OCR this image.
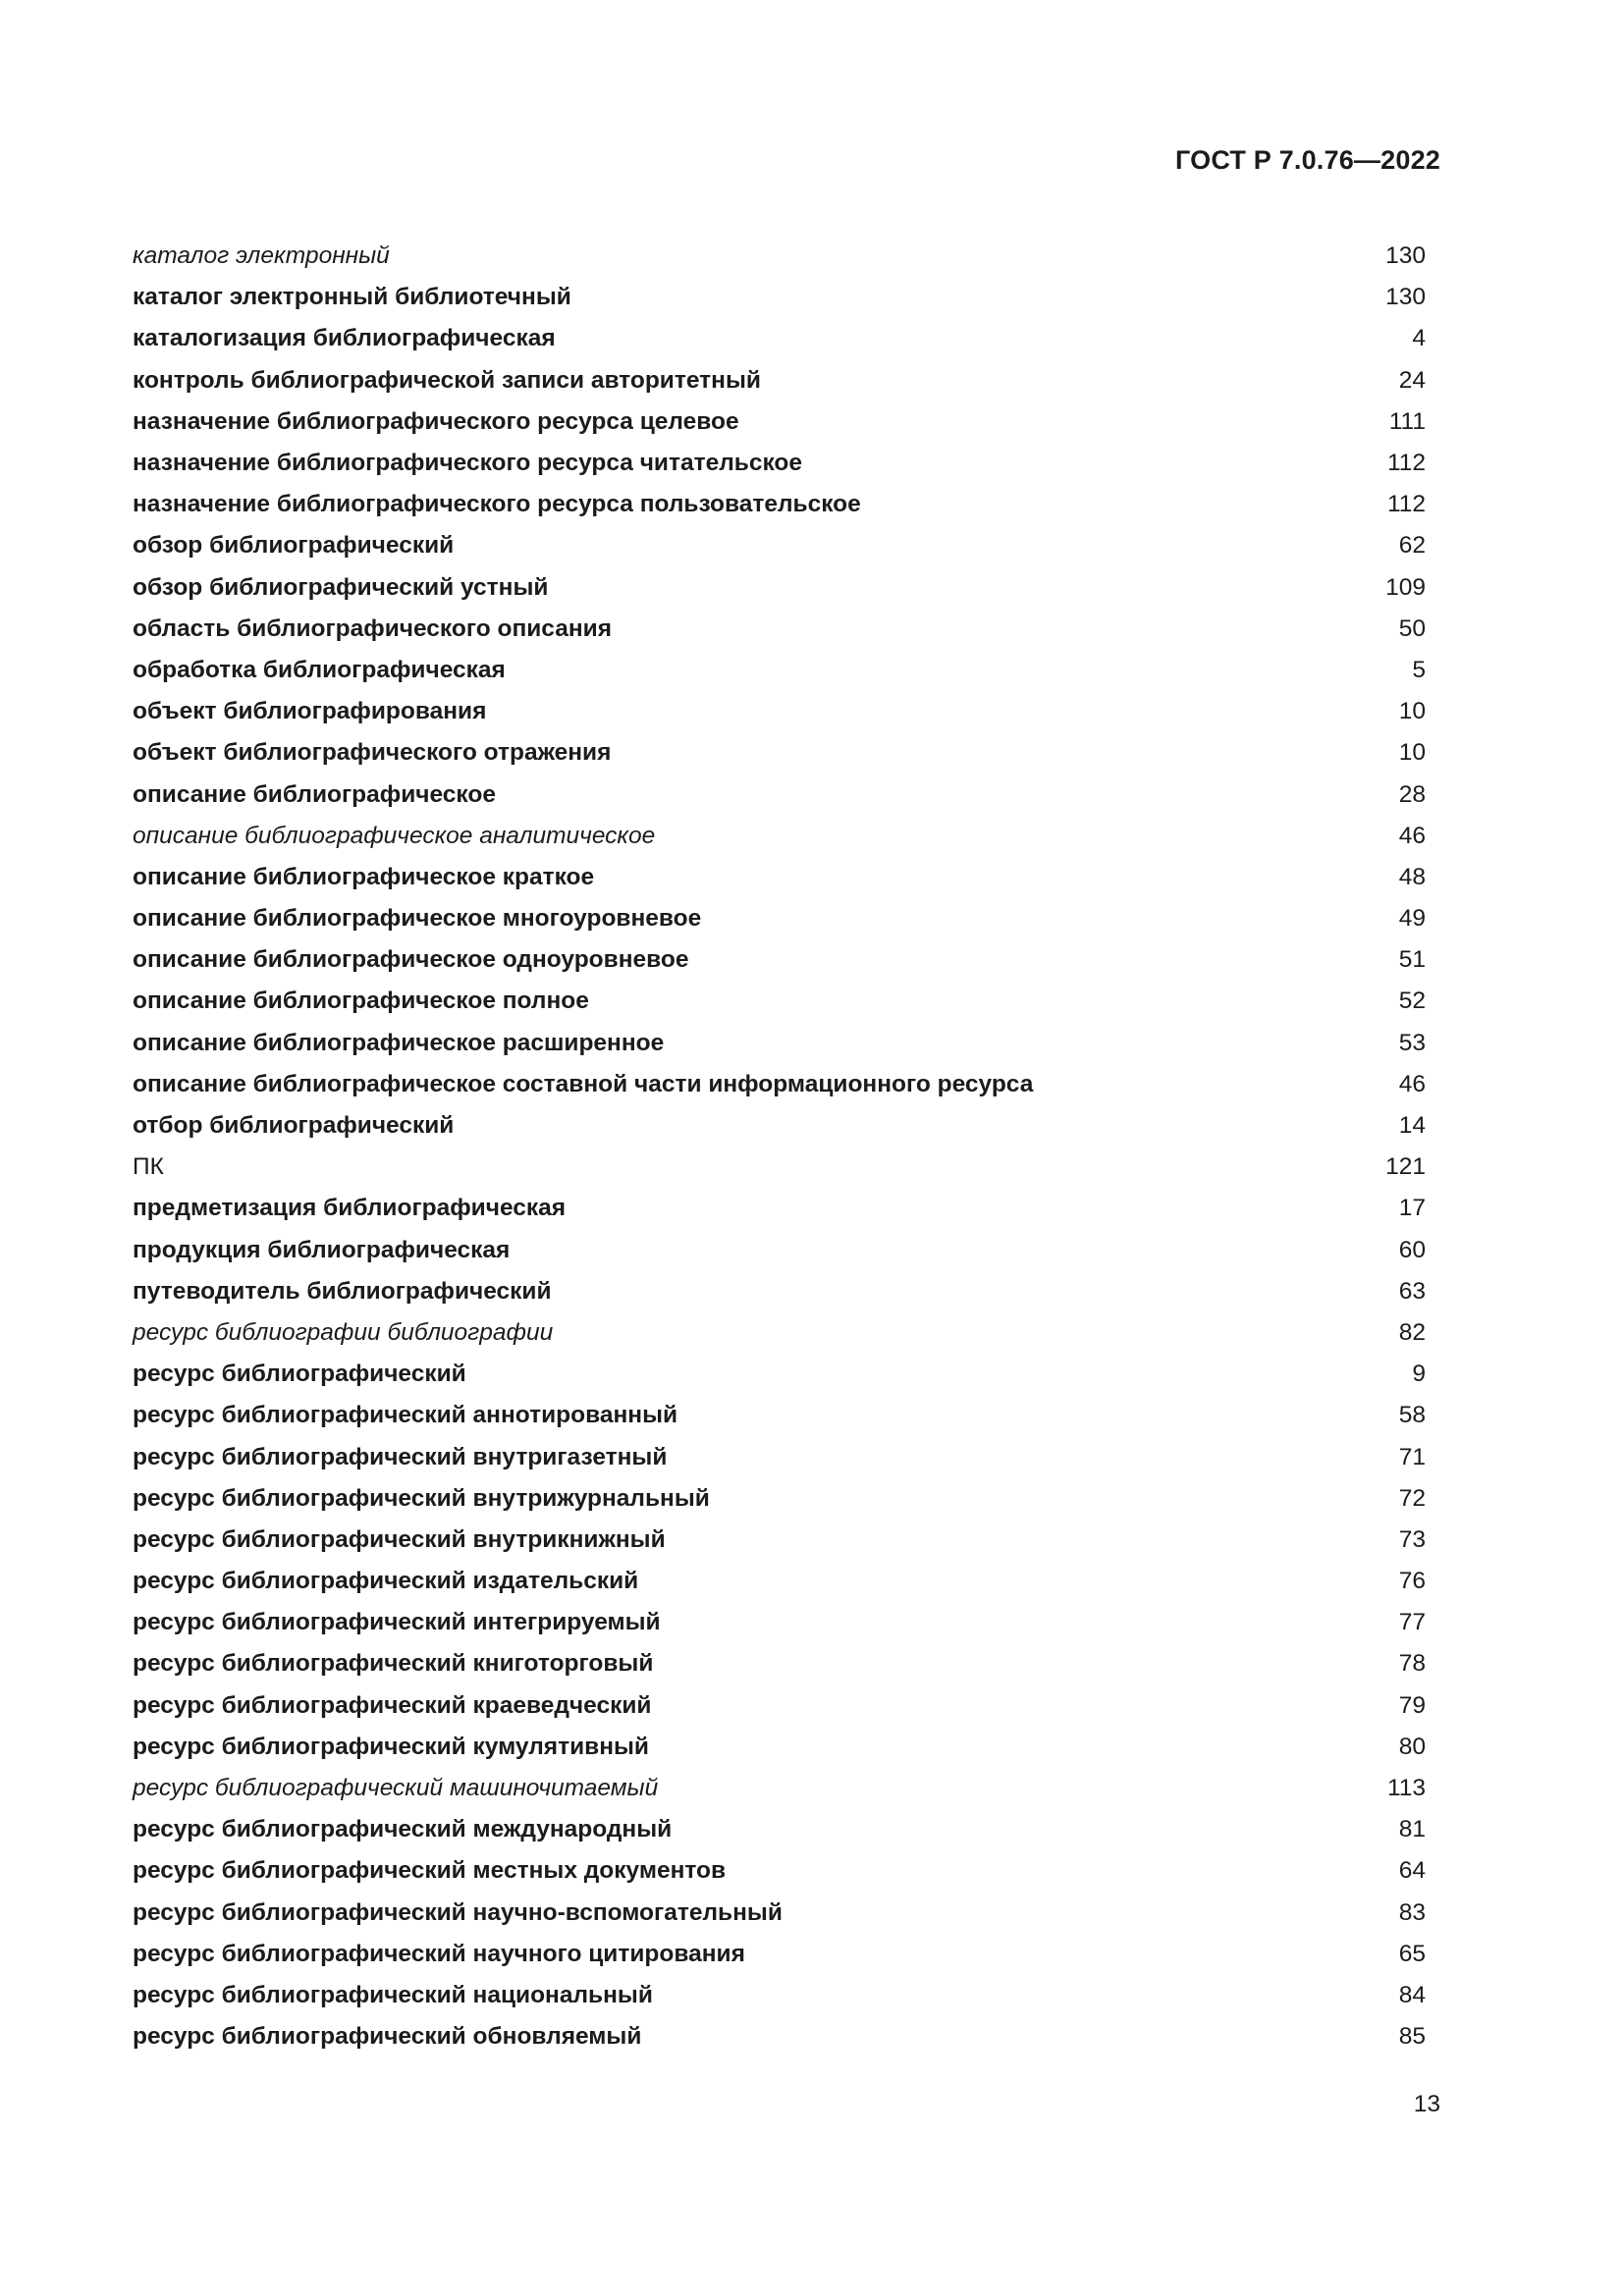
ГОСТ Р 7.0.76—2022
каталог электронный	130
каталог электронный библиотечный	130
каталогизация библиографическая	4
контроль библиографической записи авторитетный	24
назначение библиографического ресурса целевое	111
назначение библиографического ресурса читательское	112
назначение библиографического ресурса пользовательское	112
обзор библиографический	62
обзор библиографический устный	109
область библиографического описания	50
обработка библиографическая	5
объект библиографирования	10
объект библиографического отражения	10
описание библиографическое	28
описание библиографическое аналитическое	46
описание библиографическое краткое	48
описание библиографическое многоуровневое	49
описание библиографическое одноуровневое	51
описание библиографическое полное	52
описание библиографическое расширенное	53
описание библиографическое составной части информационного ресурса	46
отбор библиографический	14
ПК	121
предметизация библиографическая	17
продукция библиографическая	60
путеводитель библиографический	63
ресурс библиографии библиографии	82
ресурс библиографический	9
ресурс библиографический аннотированный	58
ресурс библиографический внутригазетный	71
ресурс библиографический внутрижурнальный	72
ресурс библиографический внутрикнижный	73
ресурс библиографический издательский	76
ресурс библиографический интегрируемый	77
ресурс библиографический книготорговый	78
ресурс библиографический краеведческий	79
ресурс библиографический кумулятивный	80
ресурс библиографический машиночитаемый	113
ресурс библиографический международный	81
ресурс библиографический местных документов	64
ресурс библиографический научно-вспомогательный	83
ресурс библиографический научного цитирования	65
ресурс библиографический национальный	84
ресурс библиографический обновляемый	85
13
